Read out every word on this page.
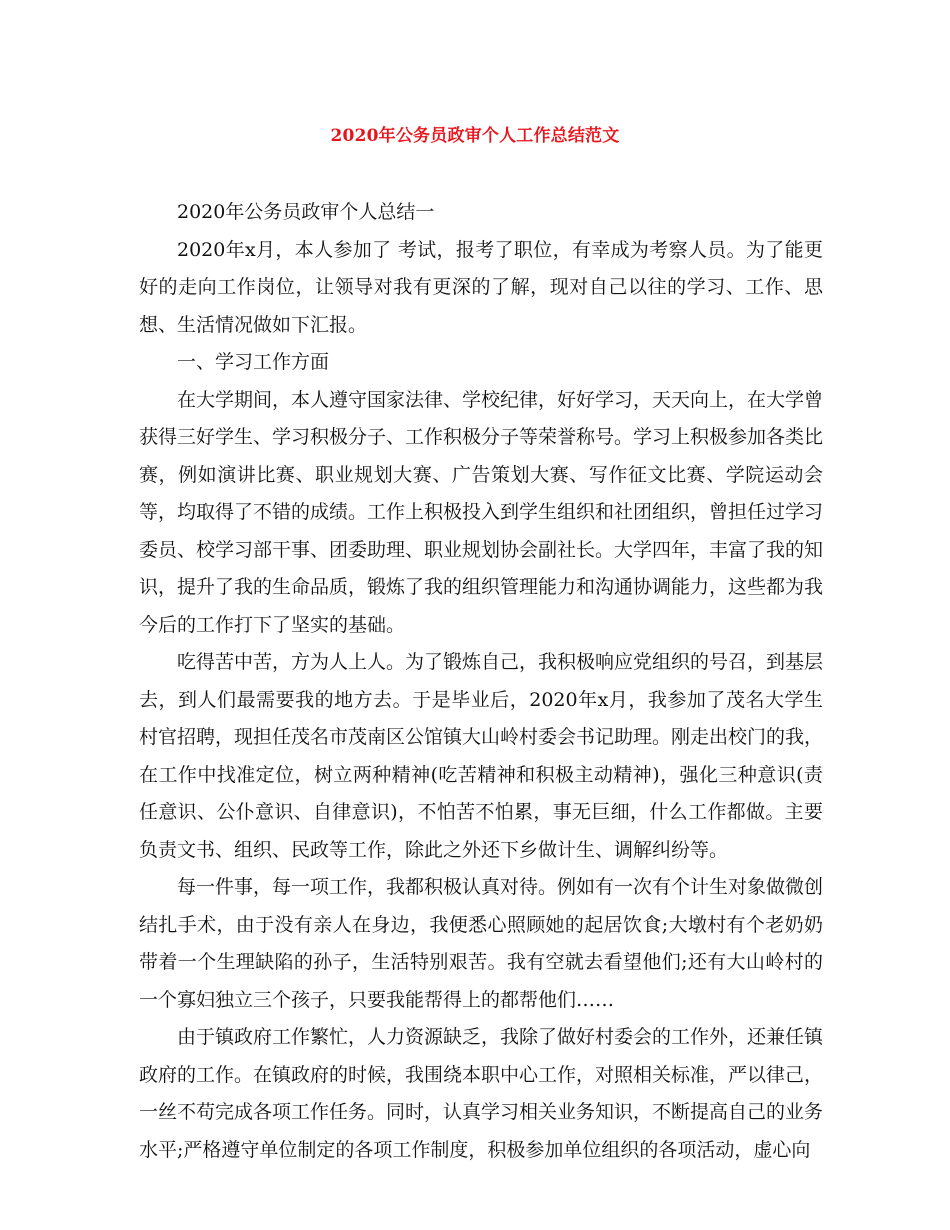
2020年公务员政审个人工作总结范文

2020年公务员政审个人总结一

2020年x月，本人参加了 考试，报考了职位，有幸成为考察人员。为了能更好的走向工作岗位，让领导对我有更深的了解，现对自己以往的学习、工作、思想、生活情况做如下汇报。

一、学习工作方面

在大学期间，本人遵守国家法律、学校纪律，好好学习，天天向上，在大学曾获得三好学生、学习积极分子、工作积极分子等荣誉称号。学习上积极参加各类比赛，例如演讲比赛、职业规划大赛、广告策划大赛、写作征文比赛、学院运动会等，均取得了不错的成绩。工作上积极投入到学生组织和社团组织，曾担任过学习委员、校学习部干事、团委助理、职业规划协会副社长。大学四年，丰富了我的知识，提升了我的生命品质，锻炼了我的组织管理能力和沟通协调能力，这些都为我今后的工作打下了坚实的基础。

吃得苦中苦，方为人上人。为了锻炼自己，我积极响应党组织的号召，到基层去，到人们最需要我的地方去。于是毕业后，2020年x月，我参加了茂名大学生村官招聘，现担任茂名市茂南区公馆镇大山岭村委会书记助理。刚走出校门的我，在工作中找准定位，树立两种精神(吃苦精神和积极主动精神)，强化三种意识(责任意识、公仆意识、自律意识)，不怕苦不怕累，事无巨细，什么工作都做。主要负责文书、组织、民政等工作，除此之外还下乡做计生、调解纠纷等。

每一件事，每一项工作，我都积极认真对待。例如有一次有个计生对象做微创结扎手术，由于没有亲人在身边，我便悉心照顾她的起居饮食;大墩村有个老奶奶带着一个生理缺陷的孙子，生活特别艰苦。我有空就去看望他们;还有大山岭村的一个寡妇独立三个孩子，只要我能帮得上的都帮他们……

由于镇政府工作繁忙，人力资源缺乏，我除了做好村委会的工作外，还兼任镇政府的工作。在镇政府的时候，我围绕本职中心工作，对照相关标准，严以律己，一丝不苟完成各项工作任务。同时，认真学习相关业务知识，不断提高自己的业务水平;严格遵守单位制定的各项工作制度，积极参加单位组织的各项活动，虚心向
